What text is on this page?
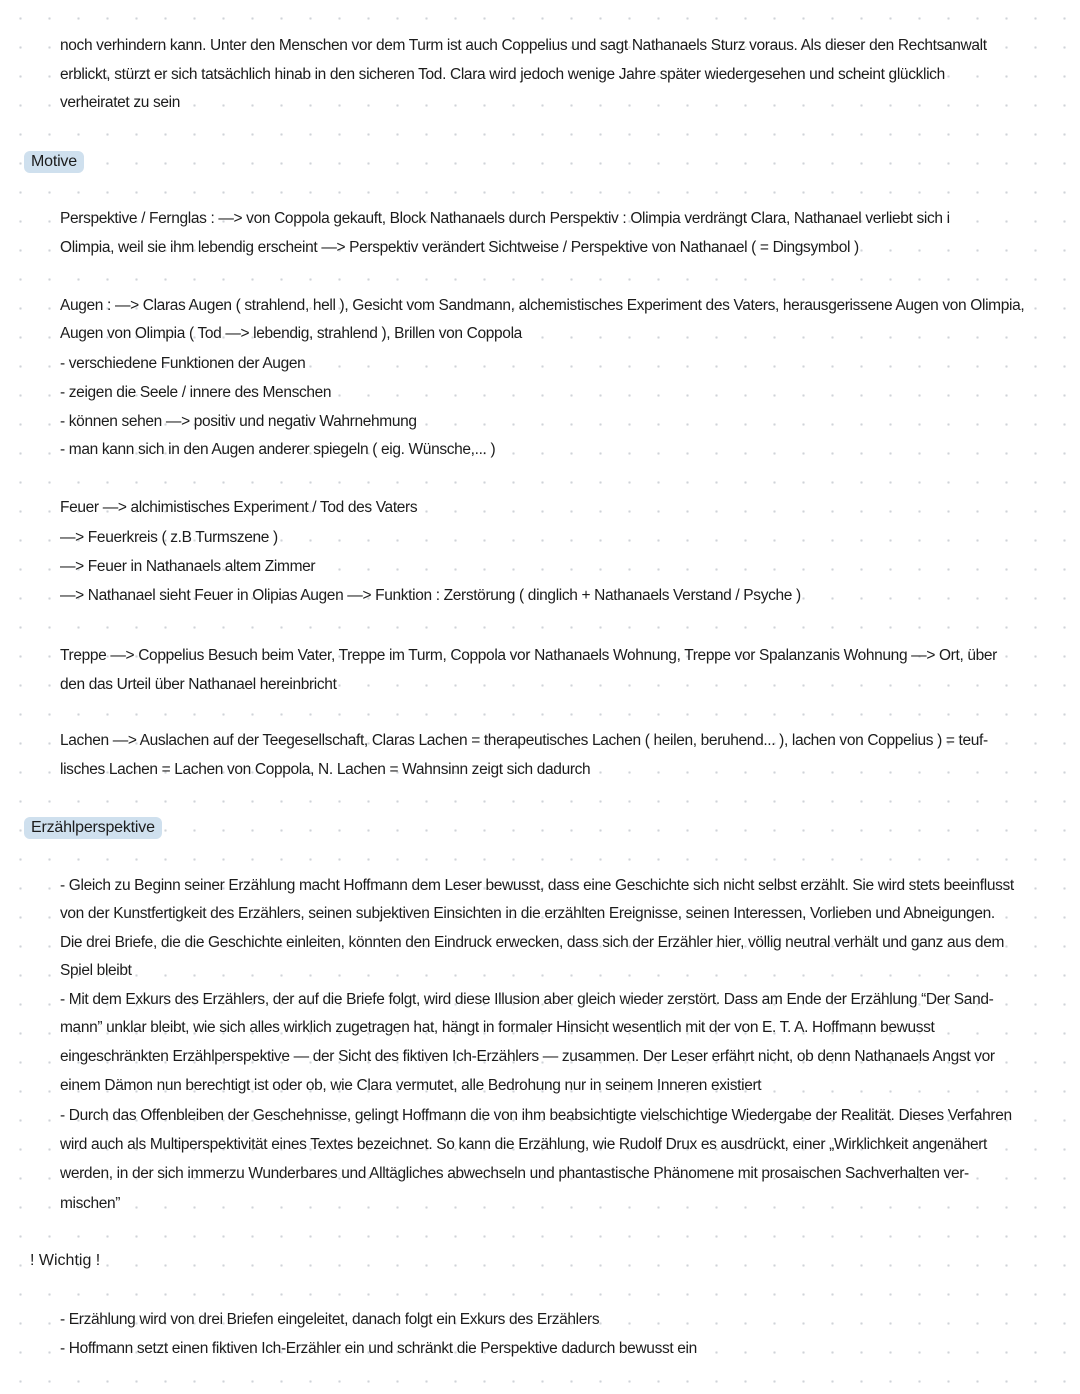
noch verhindern kann. Unter den Menschen vor dem Turm ist auch Coppelius und sagt Nathanaels Sturz voraus. Als dieser den Rechtsanwalt
erblickt, stürzt er sich tatsächlich hinab in den sicheren Tod. Clara wird jedoch wenige Jahre später wiedergesehen und scheint glücklich
verheiratet zu sein
Motive
Perspektive / Fernglas : —> von Coppola gekauft, Block Nathanaels durch Perspektiv : Olimpia verdrängt Clara, Nathanael verliebt sich i
Olimpia, weil sie ihm lebendig erscheint —> Perspektiv verändert Sichtweise / Perspektive von Nathanael ( = Dingsymbol )
Augen : —> Claras Augen ( strahlend, hell ), Gesicht vom Sandmann, alchemistisches Experiment des Vaters, herausgerissene Augen von Olimpia,
Augen von Olimpia ( Tod —> lebendig, strahlend ), Brillen von Coppola
- verschiedene Funktionen der Augen
- zeigen die Seele / innere des Menschen
- können sehen —> positiv und negativ Wahrnehmung
- man kann sich in den Augen anderer spiegeln ( eig. Wünsche,... )
Feuer —> alchimistisches Experiment / Tod des Vaters
—> Feuerkreis ( z.B Turmszene )
—> Feuer in Nathanaels altem Zimmer
—> Nathanael sieht Feuer in Olipias Augen —> Funktion : Zerstörung ( dinglich + Nathanaels Verstand / Psyche )
Treppe —> Coppelius Besuch beim Vater, Treppe im Turm, Coppola vor Nathanaels Wohnung, Treppe vor Spalanzanis Wohnung —> Ort, über
den das Urteil über Nathanael hereinbricht
Lachen —> Auslachen auf der Teegesellschaft, Claras Lachen = therapeutisches Lachen ( heilen, beruhend... ), lachen von Coppelius ) = teuf-
lisches Lachen = Lachen von Coppola, N. Lachen = Wahnsinn zeigt sich dadurch
Erzählperspektive
- Gleich zu Beginn seiner Erzählung macht Hoffmann dem Leser bewusst, dass eine Geschichte sich nicht selbst erzählt. Sie wird stets beeinflusst
von der Kunstfertigkeit des Erzählers, seinen subjektiven Einsichten in die erzählten Ereignisse, seinen Interessen, Vorlieben und Abneigungen.
Die drei Briefe, die die Geschichte einleiten, könnten den Eindruck erwecken, dass sich der Erzähler hier, völlig neutral verhält und ganz aus dem
Spiel bleibt
- Mit dem Exkurs des Erzählers, der auf die Briefe folgt, wird diese Illusion aber gleich wieder zerstört. Dass am Ende der Erzählung “Der Sand-
mann” unklar bleibt, wie sich alles wirklich zugetragen hat, hängt in formaler Hinsicht wesentlich mit der von E. T. A. Hoffmann bewusst
eingeschränkten Erzählperspektive — der Sicht des fiktiven Ich-Erzählers — zusammen. Der Leser erfährt nicht, ob denn Nathanaels Angst vor
einem Dämon nun berechtigt ist oder ob, wie Clara vermutet, alle Bedrohung nur in seinem Inneren existiert
- Durch das Offenbleiben der Geschehnisse, gelingt Hoffmann die von ihm beabsichtigte vielschichtige Wiedergabe der Realität. Dieses Verfahren
wird auch als Multiperspektivität eines Textes bezeichnet. So kann die Erzählung, wie Rudolf Drux es ausdrückt, einer „Wirklichkeit angenähert
werden, in der sich immerzu Wunderbares und Alltägliches abwechseln und phantastische Phänomene mit prosaischen Sachverhalten ver-
mischen”
! Wichtig !
- Erzählung wird von drei Briefen eingeleitet, danach folgt ein Exkurs des Erzählers
- Hoffmann setzt einen fiktiven Ich-Erzähler ein und schränkt die Perspektive dadurch bewusst ein
